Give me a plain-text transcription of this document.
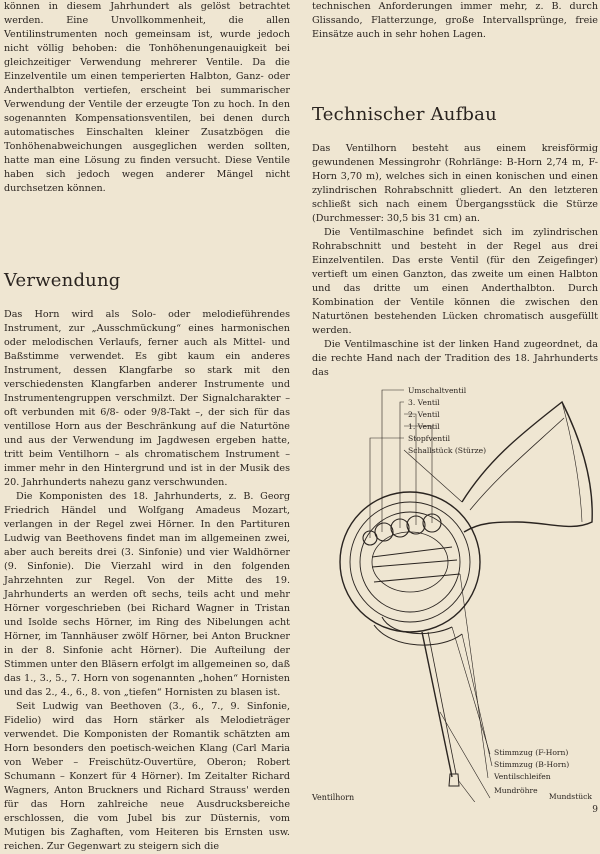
können in diesem Jahrhundert als gelöst betrachtet werden. Eine Unvollkommenheit, die allen Ventilinstrumenten noch gemeinsam ist, wurde jedoch nicht völlig behoben: die Tonhöhenungenauigkeit bei gleichzeitiger Verwendung mehrerer Ventile. Da die Einzelventile um einen temperierten Halbton, Ganz- oder Anderthalbton vertiefen, erscheint bei summarischer Verwendung der Ventile der erzeugte Ton zu hoch. In den sogenannten Kompensationsventilen, bei denen durch automatisches Einschalten kleiner Zusatzbögen die Tonhöhenabweichungen ausgeglichen werden sollten, hatte man eine Lösung zu finden versucht. Diese Ventile haben sich jedoch wegen anderer Mängel nicht durchsetzen können.

Verwendung

Das Horn wird als Solo- oder melodieführendes Instrument, zur „Ausschmückung“ eines harmonischen oder melodischen Verlaufs, ferner auch als Mittel- und Baßstimme verwendet. Es gibt kaum ein anderes Instrument, dessen Klangfarbe so stark mit den verschiedensten Klangfarben anderer Instrumente und Instrumentengruppen verschmilzt. Der Signalcharakter – oft verbunden mit 6/8- oder 9/8-Takt –, der sich für das ventillose Horn aus der Beschränkung auf die Naturtöne und aus der Verwendung im Jagdwesen ergeben hatte, tritt beim Ventilhorn – als chromatischem Instrument – immer mehr in den Hintergrund und ist in der Musik des 20. Jahrhunderts nahezu ganz verschwunden.

Die Komponisten des 18. Jahrhunderts, z. B. Georg Friedrich Händel und Wolfgang Amadeus Mozart, verlangen in der Regel zwei Hörner. In den Partituren Ludwig van Beethovens findet man im allgemeinen zwei, aber auch bereits drei (3. Sinfonie) und vier Waldhörner (9. Sinfonie). Die Vierzahl wird in den folgenden Jahrzehnten zur Regel. Von der Mitte des 19. Jahrhunderts an werden oft sechs, teils acht und mehr Hörner vorgeschrieben (bei Richard Wagner in Tristan und Isolde sechs Hörner, im Ring des Nibelungen acht Hörner, im Tannhäuser zwölf Hörner, bei Anton Bruckner in der 8. Sinfonie acht Hörner). Die Aufteilung der Stimmen unter den Bläsern erfolgt im allgemeinen so, daß das 1., 3., 5., 7. Horn von sogenannten „hohen“ Hornisten und das 2., 4., 6., 8. von „tiefen“ Hornisten zu blasen ist.

Seit Ludwig van Beethoven (3., 6., 7., 9. Sinfonie, Fidelio) wird das Horn stärker als Melodieträger verwendet. Die Komponisten der Romantik schätzten am Horn besonders den poetisch-weichen Klang (Carl Maria von Weber – Freischütz-Ouvertüre, Oberon; Robert Schumann – Konzert für 4 Hörner). Im Zeitalter Richard Wagners, Anton Bruckners und Richard Strauss' werden für das Horn zahlreiche neue Ausdrucksbereiche erschlossen, die vom Jubel bis zur Düsternis, vom Mutigen bis Zaghaften, vom Heiteren bis Ernsten usw. reichen. Zur Gegenwart zu steigern sich die

technischen Anforderungen immer mehr, z. B. durch Glissando, Flatterzunge, große Intervallsprünge, freie Einsätze auch in sehr hohen Lagen.

Technischer Aufbau

Das Ventilhorn besteht aus einem kreisförmig gewundenen Messingrohr (Rohrlänge: B-Horn 2,74 m, F-Horn 3,70 m), welches sich in einen konischen und einen zylindrischen Rohrabschnitt gliedert. An den letzteren schließt sich nach einem Übergangsstück die Stürze (Durchmesser: 30,5 bis 31 cm) an.

Die Ventilmaschine befindet sich im zylindrischen Rohrabschnitt und besteht in der Regel aus drei Einzelventilen. Das erste Ventil (für den Zeigefinger) vertieft um einen Ganzton, das zweite um einen Halbton und das dritte um einen Anderthalbton. Durch Kombination der Ventile können die zwischen den Naturtönen bestehenden Lücken chromatisch ausgefüllt werden.

Die Ventilmaschine ist der linken Hand zugeordnet, da die rechte Hand nach der Tradition des 18. Jahrhunderts das

Umschaltventil
3. Ventil
2. Ventil
1. Ventil
Stopfventil
Schallstück (Stürze)
Stimmzug (F-Horn)
Stimmzug (B-Horn)
Ventilschleifen
Mundröhre
Ventilhorn	Mundstück
9
